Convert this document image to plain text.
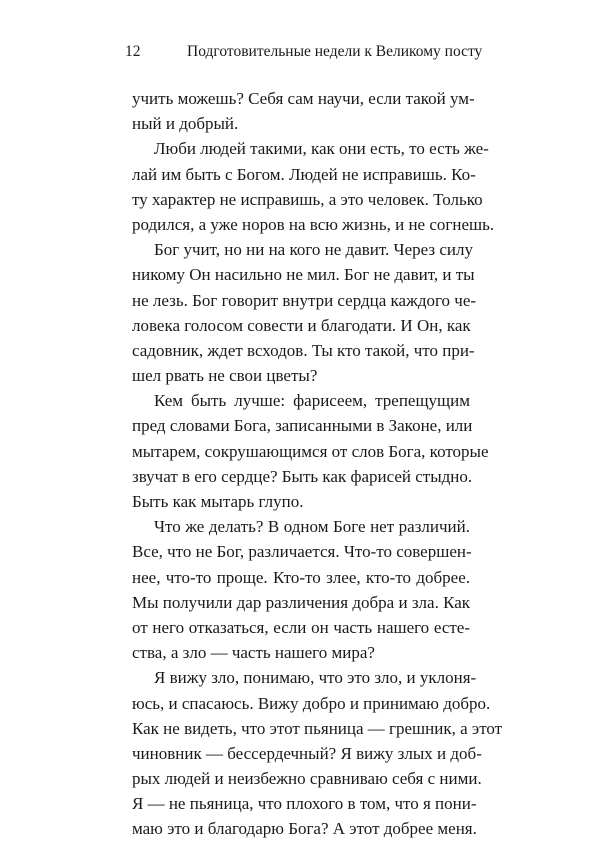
12	Подготовительные недели к Великому посту
учить можешь? Себя сам научи, если такой ум-
ный и добрый.
Люби людей такими, как они есть, то есть же-
лай им быть с Богом. Людей не исправишь. Ко-
ту характер не исправишь, а это человек. Только
родился, а уже норов на всю жизнь, и не согнешь.
Бог учит, но ни на кого не давит. Через силу
никому Он насильно не мил. Бог не давит, и ты
не лезь. Бог говорит внутри сердца каждого че-
ловека голосом совести и благодати. И Он, как
садовник, ждет всходов. Ты кто такой, что при-
шел рвать не свои цветы?
Кем быть лучше: фарисеем, трепещущим
пред словами Бога, записанными в Законе, или
мытарем, сокрушающимся от слов Бога, которые
звучат в его сердце? Быть как фарисей стыдно.
Быть как мытарь глупо.
Что же делать? В одном Боге нет различий.
Все, что не Бог, различается. Что-то совершен-
нее, что-то проще. Кто-то злее, кто-то добрее.
Мы получили дар различения добра и зла. Как
от него отказаться, если он часть нашего есте-
ства, а зло — часть нашего мира?
Я вижу зло, понимаю, что это зло, и уклоня-
юсь, и спасаюсь. Вижу добро и принимаю добро.
Как не видеть, что этот пьяница — грешник, а этот
чиновник — бессердечный? Я вижу злых и доб-
рых людей и неизбежно сравниваю себя с ними.
Я — не пьяница, что плохого в том, что я пони-
маю это и благодарю Бога? А этот добрее меня.
